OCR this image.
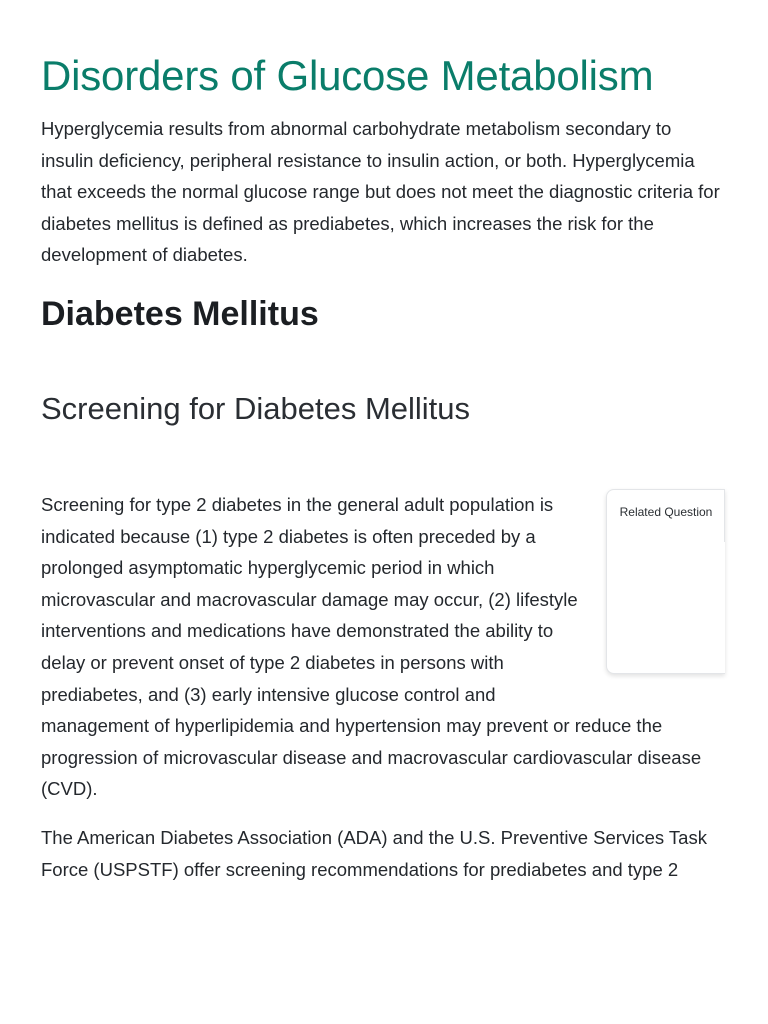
Disorders of Glucose Metabolism

Hyperglycemia results from abnormal carbohydrate metabolism secondary to insulin deficiency, peripheral resistance to insulin action, or both. Hyperglycemia that exceeds the normal glucose range but does not meet the diagnostic criteria for diabetes mellitus is defined as prediabetes, which increases the risk for the development of diabetes.

Diabetes Mellitus
Screening for Diabetes Mellitus
Related Question
Screening for type 2 diabetes in the general adult population is indicated because (1) type 2 diabetes is often preceded by a prolonged asymptomatic hyperglycemic period in which microvascular and macrovascular damage may occur, (2) lifestyle interventions and medications have demonstrated the ability to delay or prevent onset of type 2 diabetes in persons with prediabetes, and (3) early intensive glucose control and management of hyperlipidemia and hypertension may prevent or reduce the progression of microvascular disease and macrovascular cardiovascular disease (CVD).

The American Diabetes Association (ADA) and the U.S. Preventive Services Task Force (USPSTF) offer screening recommendations for prediabetes and type 2
